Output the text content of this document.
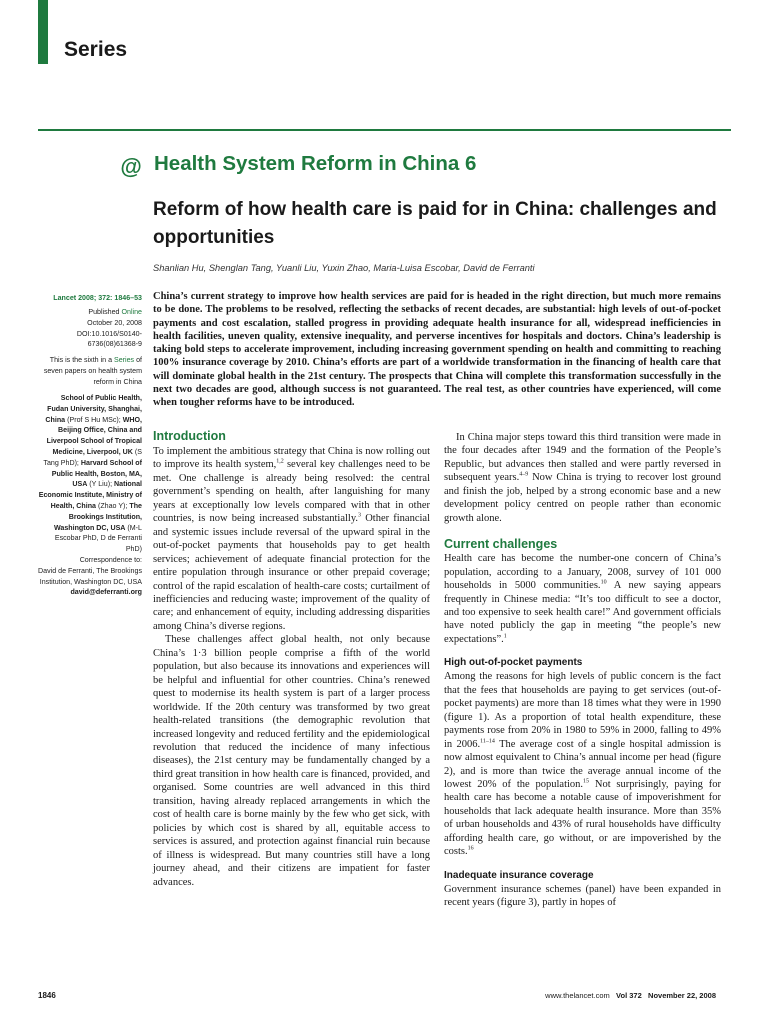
Series
@ Health System Reform in China 6
Reform of how health care is paid for in China: challenges and opportunities
Shanlian Hu, Shenglan Tang, Yuanli Liu, Yuxin Zhao, Maria-Luisa Escobar, David de Ferranti
Lancet 2008; 372: 1846–53
Published Online
October 20, 2008
DOI:10.1016/S0140-6736(08)61368-9
This is the sixth in a Series of seven papers on health system reform in China
School of Public Health, Fudan University, Shanghai, China (Prof S Hu MSc); WHO, Beijing Office, China and Liverpool School of Tropical Medicine, Liverpool, UK (S Tang PhD); Harvard School of Public Health, Boston, MA, USA (Y Liu); National Economic Institute, Ministry of Health, China (Zhao Y); The Brookings Institution, Washington DC, USA (M-L Escobar PhD, D de Ferranti PhD)
Correspondence to:
David de Ferranti, The Brookings Institution, Washington DC, USA
david@deferranti.org
China’s current strategy to improve how health services are paid for is headed in the right direction, but much more remains to be done. The problems to be resolved, reflecting the setbacks of recent decades, are substantial: high levels of out-of-pocket payments and cost escalation, stalled progress in providing adequate health insurance for all, widespread inefficiencies in health facilities, uneven quality, extensive inequality, and perverse incentives for hospitals and doctors. China’s leadership is taking bold steps to accelerate improvement, including increasing government spending on health and committing to reaching 100% insurance coverage by 2010. China’s efforts are part of a worldwide transformation in the financing of health care that will dominate global health in the 21st century. The prospects that China will complete this transformation successfully in the next two decades are good, although success is not guaranteed. The real test, as other countries have experienced, will come when tougher reforms have to be introduced.
Introduction

To implement the ambitious strategy that China is now rolling out to improve its health system,$^{1,2}$ several key challenges need to be met. One challenge is already being resolved: the central government’s spending on health, after languishing for many years at exceptionally low levels compared with that in other countries, is now being increased substantially.$^3$ Other financial and systemic issues include reversal of the upward spiral in the out-of-pocket payments that households pay to get health services; achievement of adequate financial protection for the entire population through insurance or other prepaid coverage; control of the rapid escalation of health-care costs; curtailment of inefficiencies and reducing waste; improvement of the quality of care; and enhancement of equity, including addressing disparities among China’s diverse regions.

These challenges affect global health, not only because China’s 1·3 billion people comprise a fifth of the world population, but also because its innovations and experiences will be helpful and influential for other countries. China’s renewed quest to modernise its health system is part of a larger process worldwide. If the 20th century was transformed by two great health-related transitions (the demographic revolution that increased longevity and reduced fertility and the epidemiological revolution that reduced the incidence of many infectious diseases), the 21st century may be fundamentally changed by a third great transition in how health care is financed, provided, and organised. Some countries are well advanced in this third transition, having already replaced arrangements in which the cost of health care is borne mainly by the few who get sick, with policies by which cost is shared by all, equitable access to services is assured, and protection against financial ruin because of illness is widespread. But many countries still have a long journey ahead, and their citizens are impatient for faster advances.

In China major steps toward this third transition were made in the four decades after 1949 and the formation of the People’s Republic, but advances then stalled and were partly reversed in subsequent years.$^{4-9}$ Now China is trying to recover lost ground and finish the job, helped by a strong economic base and a new development policy centred on people rather than economic growth alone.

Current challenges

Health care has become the number-one concern of China’s population, according to a January, 2008, survey of 101 000 households in 5000 communities.$^{10}$ A new saying appears frequently in Chinese media: “It’s too difficult to see a doctor, and too expensive to seek health care!” And government officials have noted publicly the gap in meeting “the people’s new expectations”.$^1$

High out-of-pocket payments

Among the reasons for high levels of public concern is the fact that the fees that households are paying to get services (out-of-pocket payments) are more than 18 times what they were in 1990 (figure 1). As a proportion of total health expenditure, these payments rose from 20% in 1980 to 59% in 2000, falling to 49% in 2006.$^{11-14}$ The average cost of a single hospital admission is now almost equivalent to China’s annual income per head (figure 2), and is more than twice the average annual income of the lowest 20% of the population.$^{15}$ Not surprisingly, paying for health care has become a notable cause of impoverishment for households that lack adequate health insurance. More than 35% of urban households and 43% of rural households have difficulty affording health care, go without, or are impoverished by the costs.$^{16}$

Inadequate insurance coverage

Government insurance schemes (panel) have been expanded in recent years (figure 3), partly in hopes of

1846	www.thelancet.com Vol 372 November 22, 2008
